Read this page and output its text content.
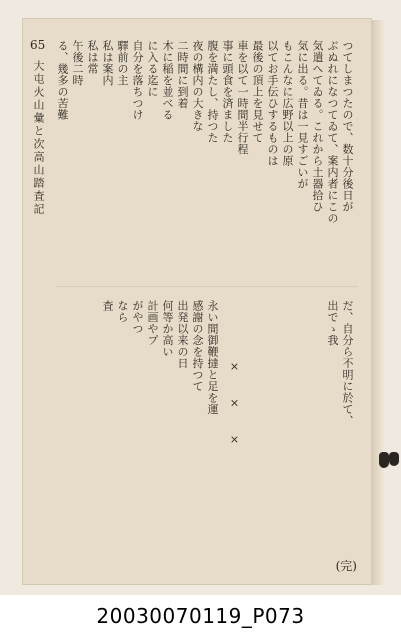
65
大屯火山彙と次高山踏査記	つてしまつたので、数十分後日が
ぶぬれになつてゐて、案内者にこの
気遣へてゐる。これから土器拾ひ
気に出る。昔は一見すごいが
もこんなに広野以上の原
以てお手伝ひするものは
最後の頂上を見せて
車を以て一時間半行程
事に頭食を済ました
腹を満たし、持つた
夜の構内の大きな
二時間に到着
木に稲を並べる
に入る迄に
自分を落ちつけ
驛前の主
私は案内
私は常
午後二時
る、幾多の苦難
だ、自分ら不明に於て、
出でゝ我
× × ×
永い間御鞭撻と足を運
感謝の念を持つて
出発以来の日
何等か高い
計画やプ
がやつ
なら
査
(完)
20030070119_P073
